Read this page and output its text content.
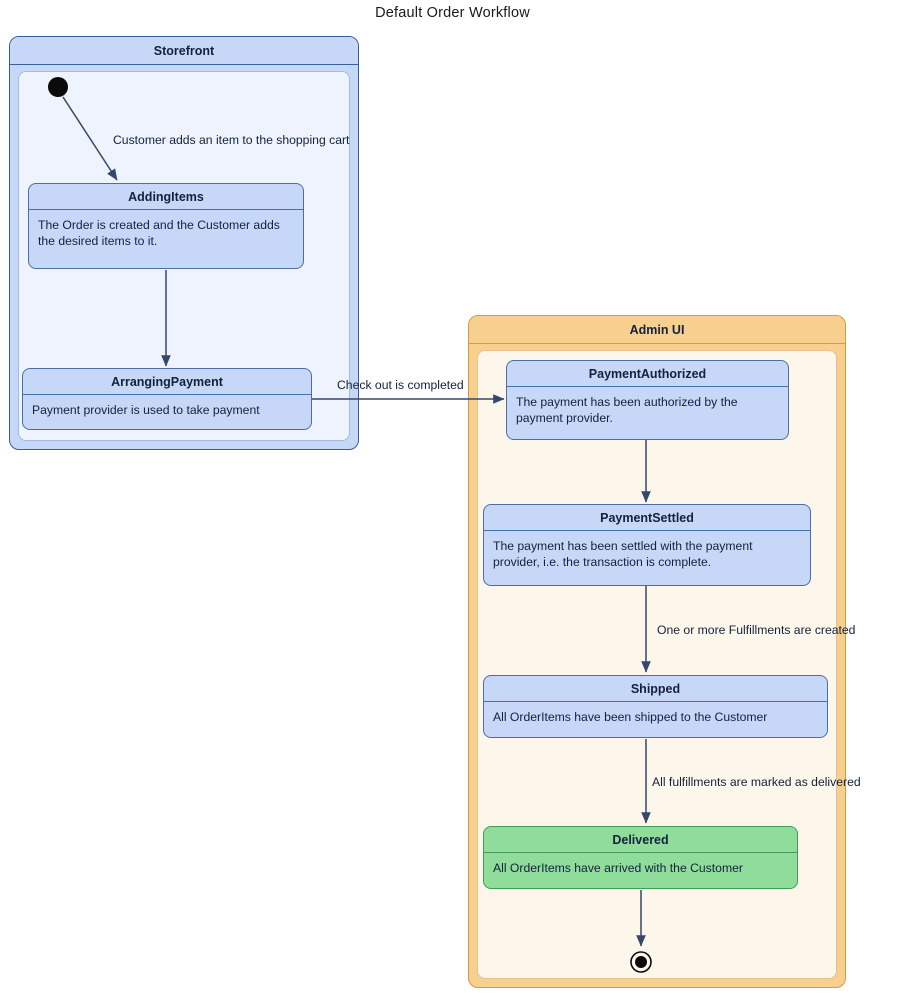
Default Order Workflow
Storefront
Admin UI
AddingItems
The Order is created and the Customer adds the desired items to it.
ArrangingPayment
Payment provider is used to take payment
PaymentAuthorized
The payment has been authorized by the payment provider.
PaymentSettled
The payment has been settled with the payment provider, i.e. the transaction is complete.
Shipped
All OrderItems have been shipped to the Customer
Delivered
All OrderItems have arrived with the Customer
Customer adds an item to the shopping cart
Check out is completed
One or more Fulfillments are created
All fulfillments are marked as delivered
